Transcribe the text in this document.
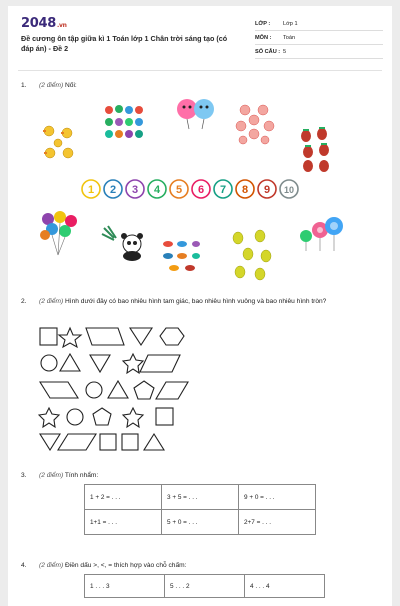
2048.vn
Đề cương ôn tập giữa kì 1 Toán lớp 1 Chân trời sáng tạo (có đáp án) - Đề 2
LỚP :	Lớp 1
MÔN :	Toán
SỐ CÂU : 5
1. (2 điểm) Nối:
1 2 3 4 5 6 7 8 9 10
2. (2 điểm) Hình dưới đây có bao nhiêu hình tam giác, bao nhiêu hình vuông và bao nhiêu hình tròn?
3. (2 điểm) Tính nhẩm:
1 + 2 = . . .	3 + 5 = . . .	9 + 0 = . . .
1+1 = . . .	5 + 0 = . . .	2+7 = . . .
4. (2 điểm) Điền dấu >, <, = thích hợp vào chỗ chấm:
1 . . . 3	5 . . . 2	4 . . . 4
